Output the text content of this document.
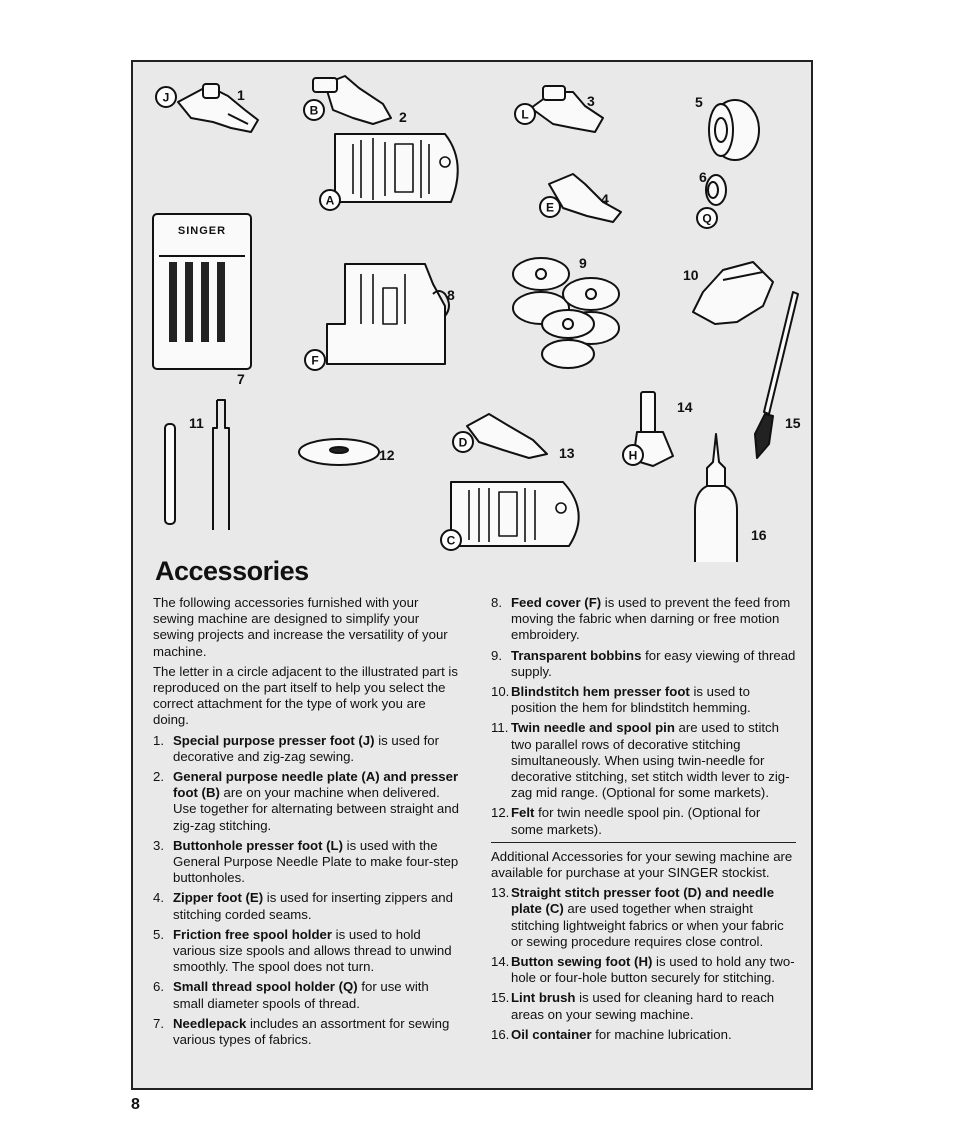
J
B
A
L
E
Q
SINGER
F
D
C
H
1
2
3
4
5
6
7
8
9
10
11
12	13
14
15
16
Accessories

The following accessories furnished with your sewing machine are designed to simplify your sewing projects and increase the versatility of your machine.

The letter in a circle adjacent to the illustrated part is reproduced on the part itself to help you select the correct attachment for the type of work you are doing.

1. Special purpose presser foot (J) is used for decorative and zig-zag sewing.
2. General purpose needle plate (A) and presser foot (B) are on your machine when delivered. Use together for alternating between straight and zig-zag stitching.
3. Buttonhole presser foot (L) is used with the General Purpose Needle Plate to make four-step buttonholes.
4. Zipper foot (E) is used for inserting zippers and stitching corded seams.
5. Friction free spool holder is used to hold various size spools and allows thread to unwind smoothly. The spool does not turn.
6. Small thread spool holder (Q) for use with small diameter spools of thread.
7. Needlepack includes an assortment for sewing various types of fabrics.
8. Feed cover (F) is used to prevent the feed from moving the fabric when darning or free motion embroidery.
9. Transparent bobbins for easy viewing of thread supply.
10. Blindstitch hem presser foot is used to position the hem for blindstitch hemming.
11. Twin needle and spool pin are used to stitch two parallel rows of decorative stitching simultaneously. When using twin-needle for decorative stitching, set stitch width lever to zig-zag mid range. (Optional for some markets).
12. Felt for twin needle spool pin. (Optional for some markets).

Additional Accessories for your sewing machine are available for purchase at your SINGER stockist.

13. Straight stitch presser foot (D) and needle plate (C) are used together when straight stitching lightweight fabrics or when your fabric or sewing procedure requires close control.
14. Button sewing foot (H) is used to hold any two-hole or four-hole button securely for stitching.
15. Lint brush is used for cleaning hard to reach areas on your sewing machine.
16. Oil container for machine lubrication.
8
